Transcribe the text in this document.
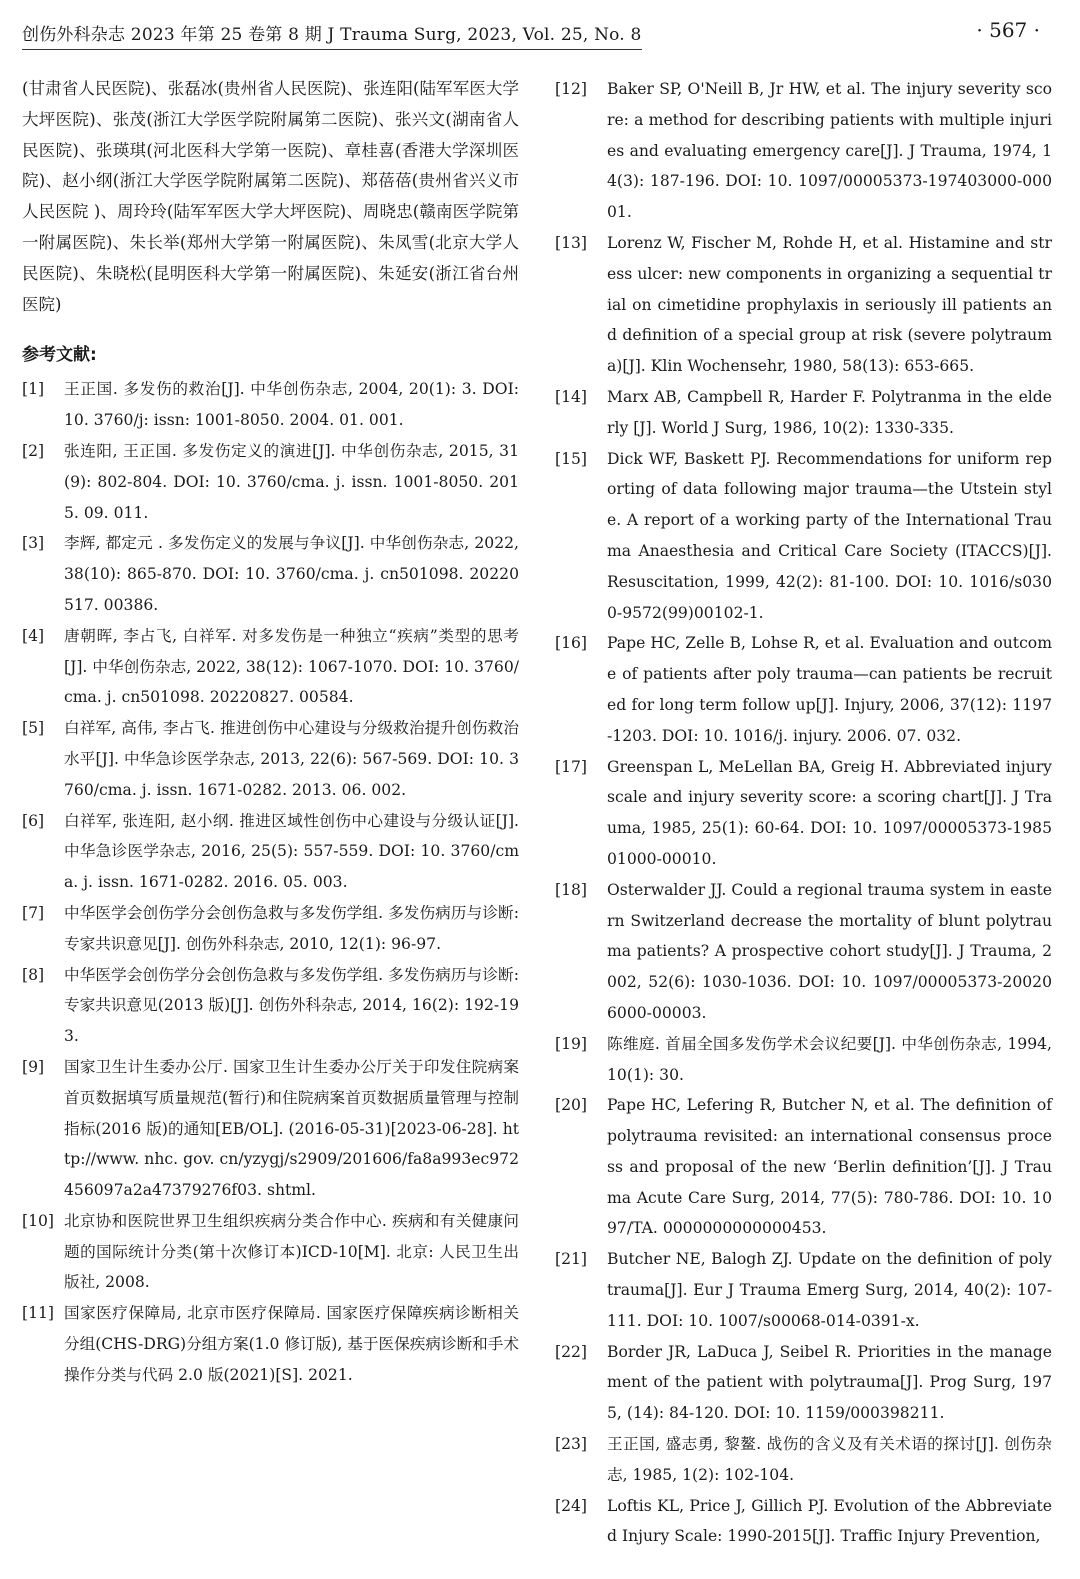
创伤外科杂志 2023 年第 25 卷第 8 期 J Trauma Surg, 2023, Vol. 25, No. 8	· 567 ·

(甘肃省人民医院)、张磊冰(贵州省人民医院)、张连阳(陆军军医大学大坪医院)、张茂(浙江大学医学院附属第二医院)、张兴文(湖南省人民医院)、张瑛琪(河北医科大学第一医院)、章桂喜(香港大学深圳医院)、赵小纲(浙江大学医学院附属第二医院)、郑蓓蓓(贵州省兴义市人民医院 )、周玲玲(陆军军医大学大坪医院)、周晓忠(赣南医学院第一附属医院)、朱长举(郑州大学第一附属医院)、朱凤雪(北京大学人民医院)、朱晓松(昆明医科大学第一附属医院)、朱延安(浙江省台州医院)

参考文献:

[1] 王正国. 多发伤的救治[J]. 中华创伤杂志, 2004, 20(1): 3. DOI: 10. 3760/j: issn: 1001-8050. 2004. 01. 001.

[2] 张连阳, 王正国. 多发伤定义的演进[J]. 中华创伤杂志, 2015, 31(9): 802-804. DOI: 10. 3760/cma. j. issn. 1001-8050. 2015. 09. 011.

[3] 李辉, 都定元 . 多发伤定义的发展与争议[J]. 中华创伤杂志, 2022, 38(10): 865-870. DOI: 10. 3760/cma. j. cn501098. 20220517. 00386.

[4] 唐朝晖, 李占飞, 白祥军. 对多发伤是一种独立“疾病”类型的思考[J]. 中华创伤杂志, 2022, 38(12): 1067-1070. DOI: 10. 3760/cma. j. cn501098. 20220827. 00584.

[5] 白祥军, 高伟, 李占飞. 推进创伤中心建设与分级救治提升创伤救治水平[J]. 中华急诊医学杂志, 2013, 22(6): 567-569. DOI: 10. 3760/cma. j. issn. 1671-0282. 2013. 06. 002.

[6] 白祥军, 张连阳, 赵小纲. 推进区域性创伤中心建设与分级认证[J]. 中华急诊医学杂志, 2016, 25(5): 557-559. DOI: 10. 3760/cma. j. issn. 1671-0282. 2016. 05. 003.

[7] 中华医学会创伤学分会创伤急救与多发伤学组. 多发伤病历与诊断: 专家共识意见[J]. 创伤外科杂志, 2010, 12(1): 96-97.

[8] 中华医学会创伤学分会创伤急救与多发伤学组. 多发伤病历与诊断: 专家共识意见(2013 版)[J]. 创伤外科杂志, 2014, 16(2): 192-193.

[9] 国家卫生计生委办公厅. 国家卫生计生委办公厅关于印发住院病案首页数据填写质量规范(暂行)和住院病案首页数据质量管理与控制指标(2016 版)的通知[EB/OL]. (2016-05-31)[2023-06-28]. http://www. nhc. gov. cn/yzygj/s2909/201606/fa8a993ec972456097a2a47379276f03. shtml.

[10] 北京协和医院世界卫生组织疾病分类合作中心. 疾病和有关健康问题的国际统计分类(第十次修订本)ICD-10[M]. 北京: 人民卫生出版社, 2008.

[11] 国家医疗保障局, 北京市医疗保障局. 国家医疗保障疾病诊断相关分组(CHS-DRG)分组方案(1.0 修订版), 基于医保疾病诊断和手术操作分类与代码 2.0 版(2021)[S]. 2021.

[12] Baker SP, O'Neill B, Jr HW, et al. The injury severity score: a method for describing patients with multiple injuries and evaluating emergency care[J]. J Trauma, 1974, 14(3): 187-196. DOI: 10. 1097/00005373-197403000-00001.

[13] Lorenz W, Fischer M, Rohde H, et al. Histamine and stress ulcer: new components in organizing a sequential trial on cimetidine prophylaxis in seriously ill patients and definition of a special group at risk (severe polytrauma)[J]. Klin Wochensehr, 1980, 58(13): 653-665.

[14] Marx AB, Campbell R, Harder F. Polytranma in the elderly [J]. World J Surg, 1986, 10(2): 1330-335.

[15] Dick WF, Baskett PJ. Recommendations for uniform reporting of data following major trauma—the Utstein style. A report of a working party of the International Trauma Anaesthesia and Critical Care Society (ITACCS)[J]. Resuscitation, 1999, 42(2): 81-100. DOI: 10. 1016/s0300-9572(99)00102-1.

[16] Pape HC, Zelle B, Lohse R, et al. Evaluation and outcome of patients after poly trauma—can patients be recruited for long term follow up[J]. Injury, 2006, 37(12): 1197-1203. DOI: 10. 1016/j. injury. 2006. 07. 032.

[17] Greenspan L, MeLellan BA, Greig H. Abbreviated injury scale and injury severity score: a scoring chart[J]. J Trauma, 1985, 25(1): 60-64. DOI: 10. 1097/00005373-198501000-00010.

[18] Osterwalder JJ. Could a regional trauma system in eastern Switzerland decrease the mortality of blunt polytrauma patients? A prospective cohort study[J]. J Trauma, 2002, 52(6): 1030-1036. DOI: 10. 1097/00005373-200206000-00003.

[19] 陈维庭. 首届全国多发伤学术会议纪要[J]. 中华创伤杂志, 1994, 10(1): 30.

[20] Pape HC, Lefering R, Butcher N, et al. The definition of polytrauma revisited: an international consensus process and proposal of the new ‘Berlin definition’[J]. J Trauma Acute Care Surg, 2014, 77(5): 780-786. DOI: 10. 1097/TA. 0000000000000453.

[21] Butcher NE, Balogh ZJ. Update on the definition of polytrauma[J]. Eur J Trauma Emerg Surg, 2014, 40(2): 107-111. DOI: 10. 1007/s00068-014-0391-x.

[22] Border JR, LaDuca J, Seibel R. Priorities in the management of the patient with polytrauma[J]. Prog Surg, 1975, (14): 84-120. DOI: 10. 1159/000398211.

[23] 王正国, 盛志勇, 黎鳌. 战伤的含义及有关术语的探讨[J]. 创伤杂志, 1985, 1(2): 102-104.

[24] Loftis KL, Price J, Gillich PJ. Evolution of the Abbreviated Injury Scale: 1990-2015[J]. Traffic Injury Prevention,
